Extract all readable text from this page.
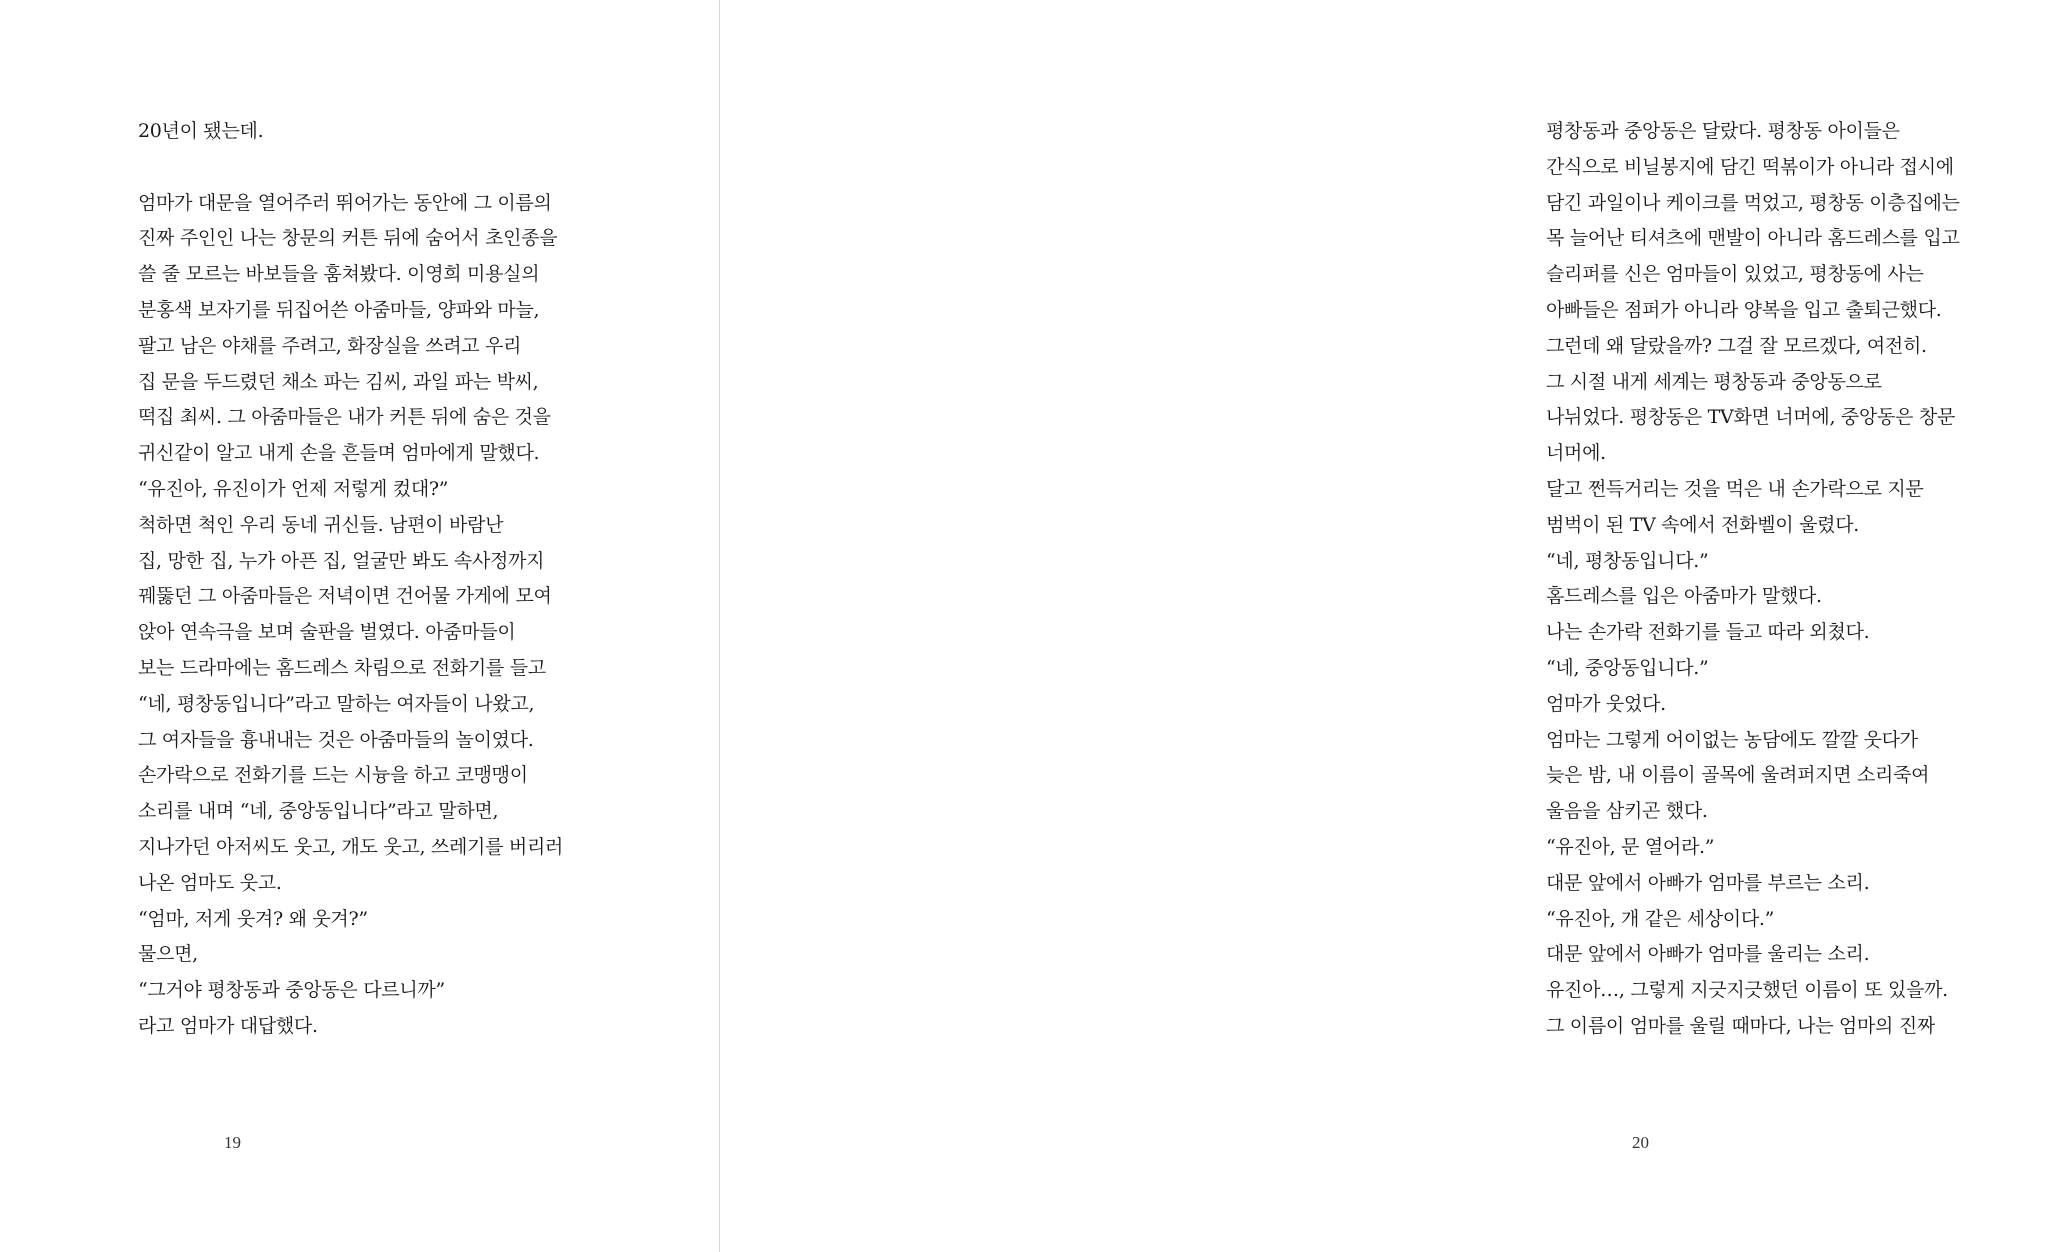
20년이 됐는데.

엄마가 대문을 열어주러 뛰어가는 동안에 그 이름의
진짜 주인인 나는 창문의 커튼 뒤에 숨어서 초인종을
쓸 줄 모르는 바보들을 훔쳐봤다. 이영희 미용실의
분홍색 보자기를 뒤집어쓴 아줌마들, 양파와 마늘,
팔고 남은 야채를 주려고, 화장실을 쓰려고 우리
집 문을 두드렸던 채소 파는 김씨, 과일 파는 박씨,
떡집 최씨. 그 아줌마들은 내가 커튼 뒤에 숨은 것을
귀신같이 알고 내게 손을 흔들며 엄마에게 말했다.
“유진아, 유진이가 언제 저렇게 컸대?”
척하면 척인 우리 동네 귀신들. 남편이 바람난
집, 망한 집, 누가 아픈 집, 얼굴만 봐도 속사정까지
꿰뚫던 그 아줌마들은 저녁이면 건어물 가게에 모여
앉아 연속극을 보며 술판을 벌였다. 아줌마들이
보는 드라마에는 홈드레스 차림으로 전화기를 들고
“네, 평창동입니다”라고 말하는 여자들이 나왔고,
그 여자들을 흉내내는 것은 아줌마들의 놀이였다.
손가락으로 전화기를 드는 시늉을 하고 코맹맹이
소리를 내며 “네, 중앙동입니다”라고 말하면,
지나가던 아저씨도 웃고, 개도 웃고, 쓰레기를 버리러
나온 엄마도 웃고.
“엄마, 저게 웃겨? 왜 웃겨?”
물으면,
“그거야 평창동과 중앙동은 다르니까”
라고 엄마가 대답했다.
19
평창동과 중앙동은 달랐다. 평창동 아이들은
간식으로 비닐봉지에 담긴 떡볶이가 아니라 접시에
담긴 과일이나 케이크를 먹었고, 평창동 이층집에는
목 늘어난 티셔츠에 맨발이 아니라 홈드레스를 입고
슬리퍼를 신은 엄마들이 있었고, 평창동에 사는
아빠들은 점퍼가 아니라 양복을 입고 출퇴근했다.
그런데 왜 달랐을까? 그걸 잘 모르겠다, 여전히.
그 시절 내게 세계는 평창동과 중앙동으로
나뉘었다. 평창동은 TV화면 너머에, 중앙동은 창문
너머에.
달고 쩐득거리는 것을 먹은 내 손가락으로 지문
범벅이 된 TV 속에서 전화벨이 울렸다.
“네, 평창동입니다.”
홈드레스를 입은 아줌마가 말했다.
나는 손가락 전화기를 들고 따라 외쳤다.
“네, 중앙동입니다.”
엄마가 웃었다.
엄마는 그렇게 어이없는 농담에도 깔깔 웃다가
늦은 밤, 내 이름이 골목에 울려퍼지면 소리죽여
울음을 삼키곤 했다.
“유진아, 문 열어라.”
대문 앞에서 아빠가 엄마를 부르는 소리.
“유진아, 개 같은 세상이다.”
대문 앞에서 아빠가 엄마를 울리는 소리.
유진아…, 그렇게 지긋지긋했던 이름이 또 있을까.
그 이름이 엄마를 울릴 때마다, 나는 엄마의 진짜
20
